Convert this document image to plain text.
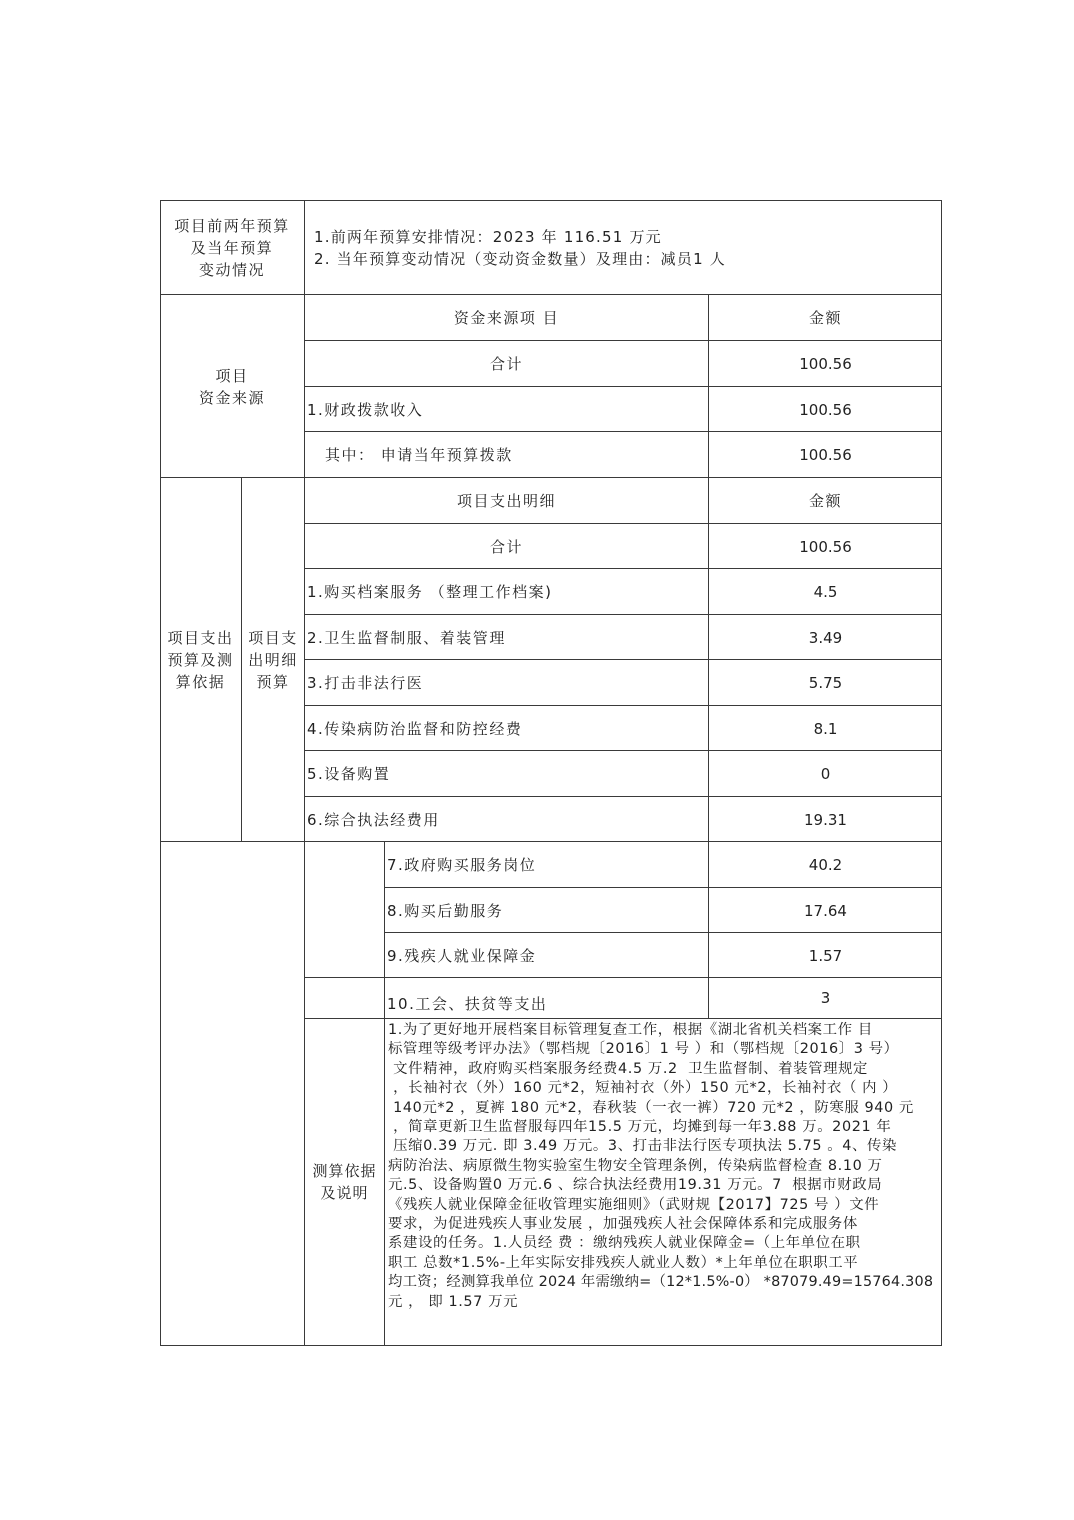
项目前两年预算
及当年预算
变动情况
1.前两年预算安排情况：2023 年 116.51 万元
2. 当年预算变动情况（变动资金数量）及理由：减员1 人
项目
资金来源
资金来源项 目	金额
合计	100.56
1.财政拨款收入	100.56
其中： 申请当年预算拨款	100.56
项目支出
预算及测
算依据
项目支
出明细
预算
项目支出明细	金额
合计	100.56
1.购买档案服务 （整理工作档案)	4.5
2.卫生监督制服、着装管理	3.49
3.打击非法行医	5.75
4.传染病防治监督和防控经费	8.1
5.设备购置	0
6.综合执法经费用	19.31
7.政府购买服务岗位	40.2
8.购买后勤服务	17.64
9.残疾人就业保障金	1.57
10.工会、扶贫等支出	3
测算依据
及说明
1.为了更好地开展档案目标管理复查工作，根据《湖北省机关档案工作 目
标管理等级考评办法》（鄂档规〔2016〕1 号 ）和（鄂档规〔2016〕3 号）
文件精神，政府购买档案服务经费4.5 万.2  卫生监督制、着装管理规定
，长袖衬衣（外）160 元*2，短袖衬衣（外）150 元*2，长袖衬衣（ 内 ）
140元*2 ，夏裤 180 元*2，春秋装（一衣一裤）720 元*2 ，防寒服 940 元
，简章更新卫生监督服每四年15.5 万元，均摊到每一年3.88 万。2021 年
压缩0.39 万元. 即 3.49 万元。3、打击非法行医专项执法 5.75 。4、传染
病防治法、病原微生物实验室生物安全管理条例，传染病监督检查 8.10 万
元.5、设备购置0 万元.6 、综合执法经费用19.31 万元。7  根据市财政局
《残疾人就业保障金征收管理实施细则》（武财规【2017】725 号 ）文件
要求，为促进残疾人事业发展 ，加强残疾人社会保障体系和完成服务体
系建设的任务。1.人员经 费 ：缴纳残疾人就业保障金=（上年单位在职
职工 总数*1.5%-上年实际安排残疾人就业人数）*上年单位在职职工平
均工资；经测算我单位 2024 年需缴纳=（12*1.5%-0） *87079.49=15764.308
元 ， 即 1.57 万元
